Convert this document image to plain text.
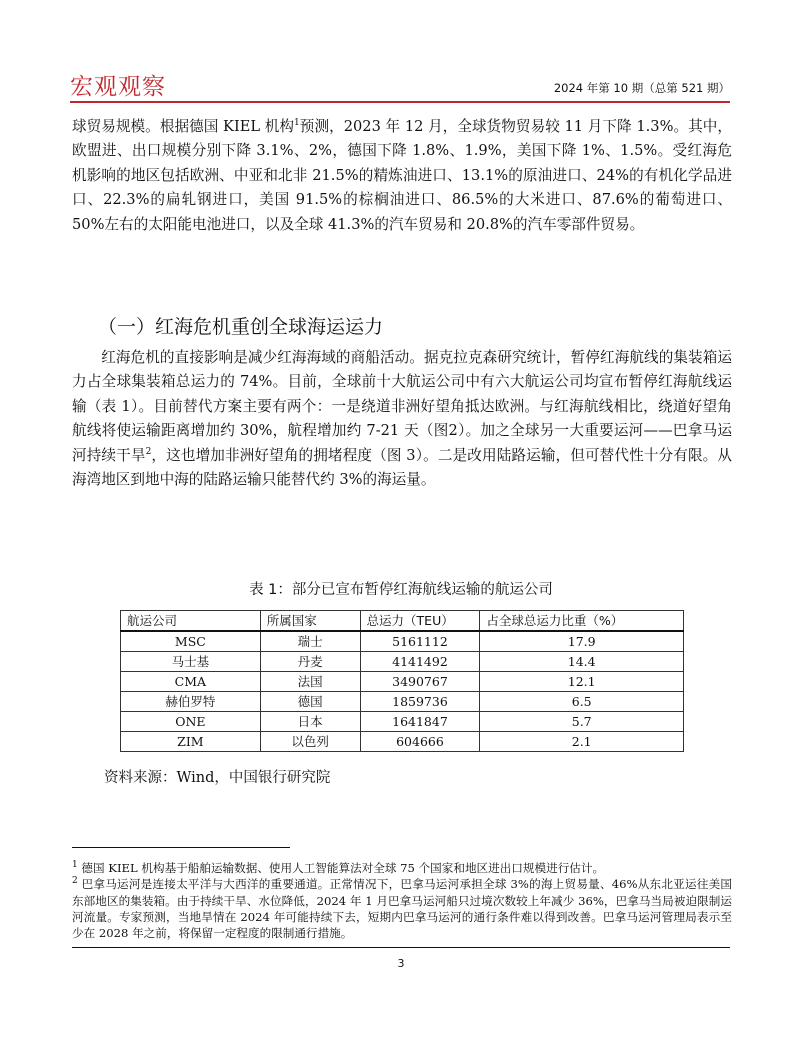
宏观观察	2024 年第 10 期（总第 521 期）

球贸易规模。根据德国 KIEL 机构$^1$预测，2023 年 12 月，全球货物贸易较 11 月下降 1.3%。其中，欧盟进、出口规模分别下降 3.1%、2%，德国下降 1.8%、1.9%，美国下降 1%、1.5%。受红海危机影响的地区包括欧洲、中亚和北非 21.5%的精炼油进口、13.1%的原油进口、24%的有机化学品进口、22.3%的扁轧钢进口，美国 91.5%的棕榈油进口、86.5%的大米进口、87.6%的葡萄进口、50%左右的太阳能电池进口，以及全球 41.3%的汽车贸易和 20.8%的汽车零部件贸易。

（一）红海危机重创全球海运运力

红海危机的直接影响是减少红海海域的商船活动。据克拉克森研究统计，暂停红海航线的集装箱运力占全球集装箱总运力的 74%。目前，全球前十大航运公司中有六大航运公司均宣布暂停红海航线运输（表 1）。目前替代方案主要有两个：一是绕道非洲好望角抵达欧洲。与红海航线相比，绕道好望角航线将使运输距离增加约 30%，航程增加约 7-21 天（图2）。加之全球另一大重要运河——巴拿马运河持续干旱$^2$，这也增加非洲好望角的拥堵程度（图 3）。二是改用陆路运输，但可替代性十分有限。从海湾地区到地中海的陆路运输只能替代约 3%的海运量。

表 1：部分已宣布暂停红海航线运输的航运公司
航运公司	所属国家	总运力（TEU）	占全球总运力比重（%）
MSC	瑞士	5161112	17.9
马士基	丹麦	4141492	14.4
CMA	法国	3490767	12.1
赫伯罗特	德国	1859736	6.5
ONE	日本	1641847	5.7
ZIM	以色列	604666	2.1
资料来源：Wind，中国银行研究院

$^1$ 德国 KIEL 机构基于船舶运输数据、使用人工智能算法对全球 75 个国家和地区进出口规模进行估计。

$^2$ 巴拿马运河是连接太平洋与大西洋的重要通道。正常情况下，巴拿马运河承担全球 3%的海上贸易量、46%从东北亚运往美国东部地区的集装箱。由于持续干旱、水位降低，2024 年 1 月巴拿马运河船只过境次数较上年减少 36%，巴拿马当局被迫限制运河流量。专家预测，当地旱情在 2024 年可能持续下去，短期内巴拿马运河的通行条件难以得到改善。巴拿马运河管理局表示至少在 2028 年之前，将保留一定程度的限制通行措施。

3
